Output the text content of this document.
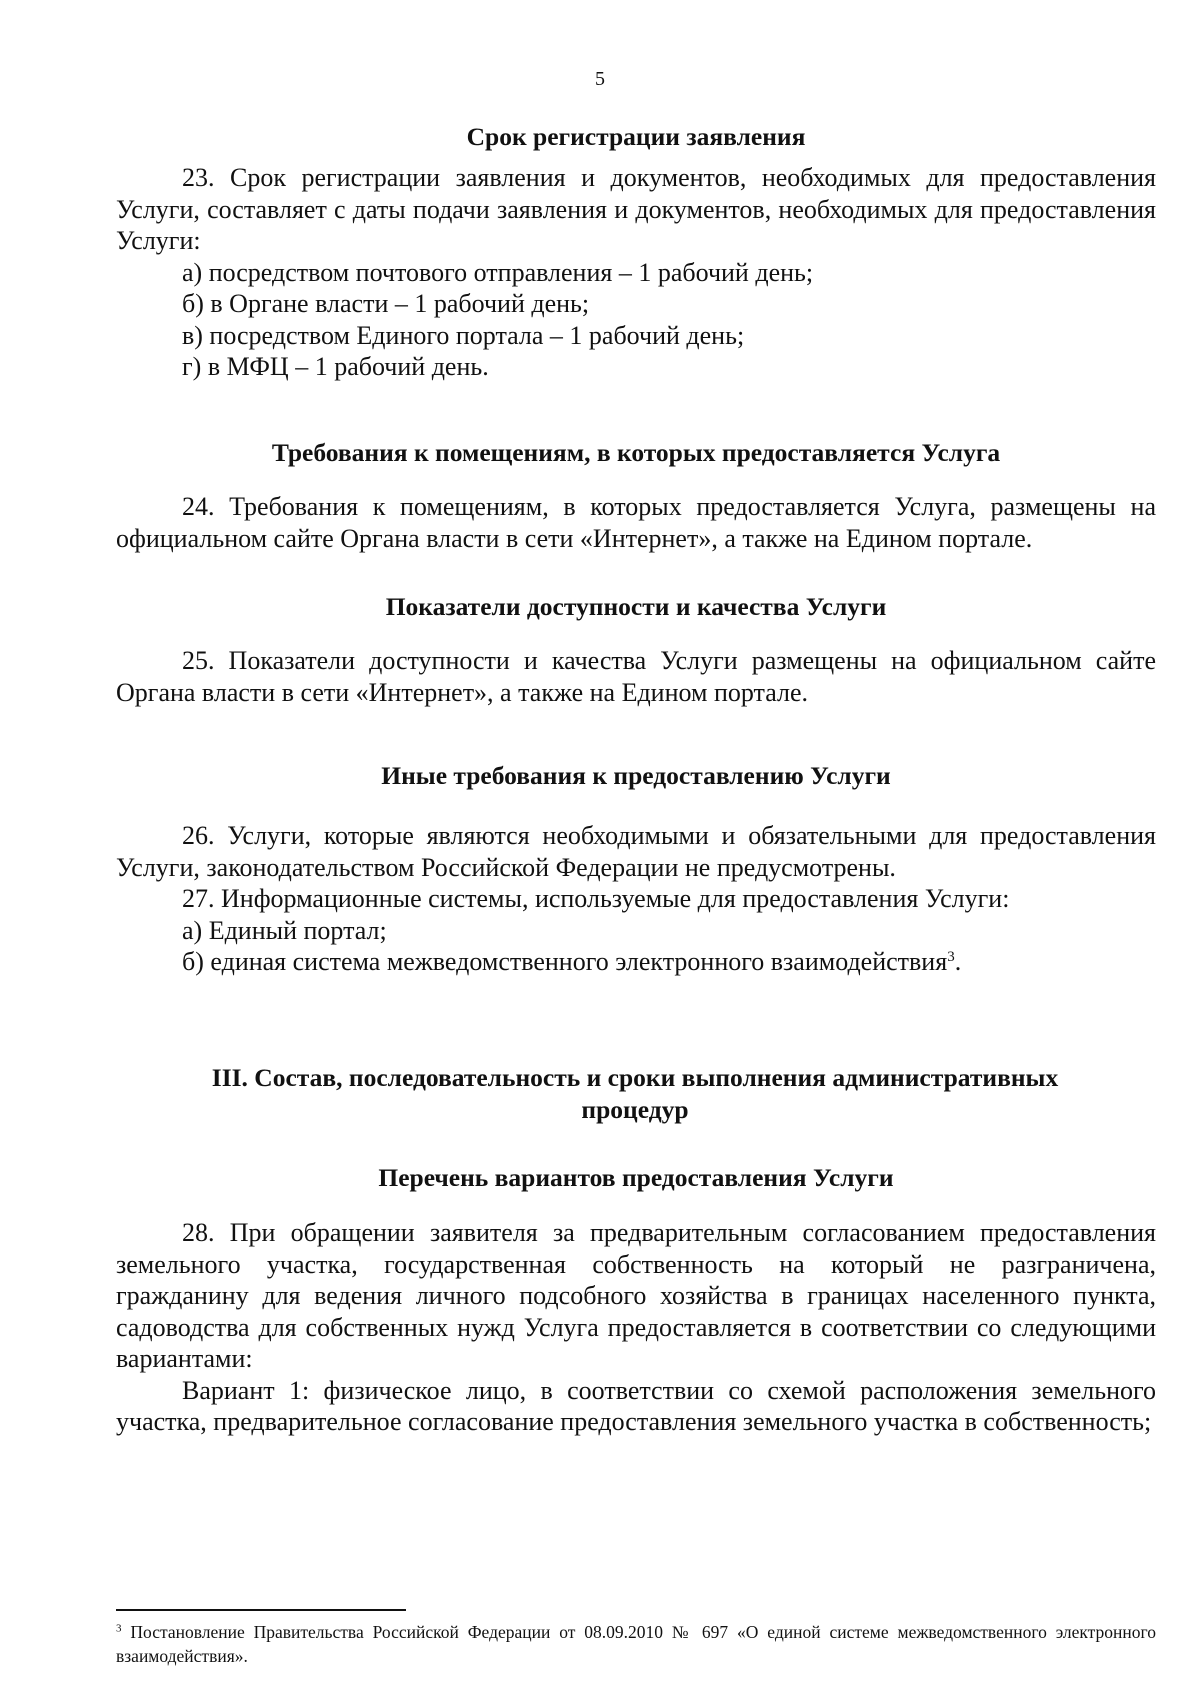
5
Срок регистрации заявления

23. Срок регистрации заявления и документов, необходимых для предоставления Услуги, составляет с даты подачи заявления и документов, необходимых для предоставления Услуги:

а) посредством почтового отправления – 1 рабочий день;

б) в Органе власти – 1 рабочий день;

в) посредством Единого портала – 1 рабочий день;

г) в МФЦ – 1 рабочий день.

Требования к помещениям, в которых предоставляется Услуга

24. Требования к помещениям, в которых предоставляется Услуга, размещены на официальном сайте Органа власти в сети «Интернет», а также на Едином портале.

Показатели доступности и качества Услуги

25. Показатели доступности и качества Услуги размещены на официальном сайте Органа власти в сети «Интернет», а также на Едином портале.

Иные требования к предоставлению Услуги

26. Услуги, которые являются необходимыми и обязательными для предоставления Услуги, законодательством Российской Федерации не предусмотрены.

27. Информационные системы, используемые для предоставления Услуги:

а) Единый портал;

б) единая система межведомственного электронного взаимодействия$^3$.

III. Состав, последовательность и сроки выполнения административных процедур
Перечень вариантов предоставления Услуги

28. При обращении заявителя за предварительным согласованием предоставления земельного участка, государственная собственность на который не разграничена, гражданину для ведения личного подсобного хозяйства в границах населенного пункта, садоводства для собственных нужд Услуга предоставляется в соответствии со следующими вариантами:

Вариант 1: физическое лицо, в соответствии со схемой расположения земельного участка, предварительное согласование предоставления земельного участка в собственность;

$^3$ Постановление Правительства Российской Федерации от 08.09.2010 № 697 «О единой системе межведомственного электронного взаимодействия».
